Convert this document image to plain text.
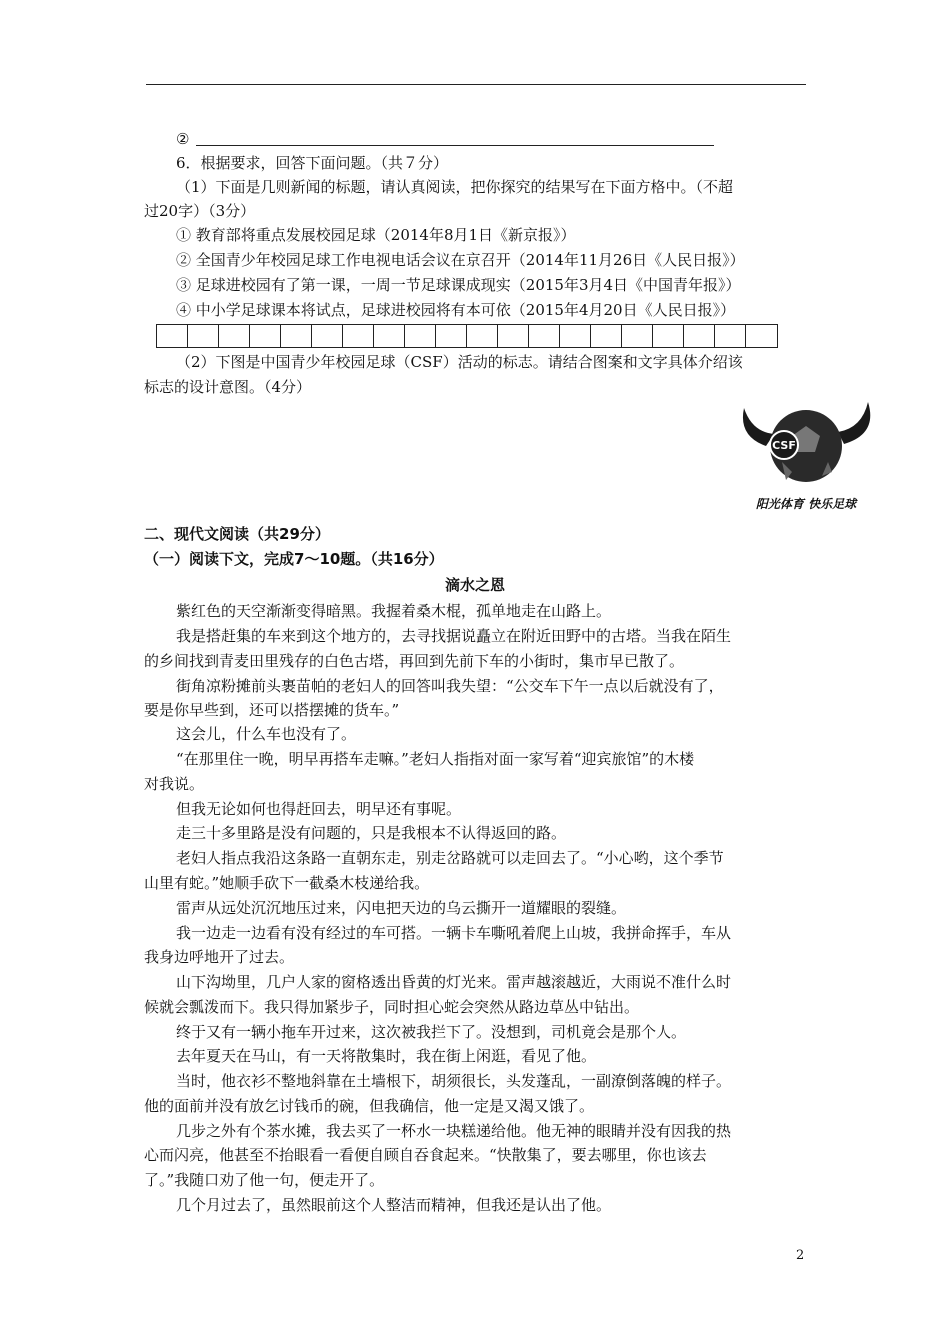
②
6．根据要求，回答下面问题。（共７分）
（1）下面是几则新闻的标题，请认真阅读，把你探究的结果写在下面方格中。（不超
过20字）（3分）
① 教育部将重点发展校园足球（2014年8月1日《新京报》）
② 全国青少年校园足球工作电视电话会议在京召开（2014年11月26日《人民日报》）
③ 足球进校园有了第一课，一周一节足球课成现实（2015年3月4日《中国青年报》）
④ 中小学足球课本将试点，足球进校园将有本可依（2015年4月20日《人民日报》）
（2）下图是中国青少年校园足球（CSF）活动的标志。请结合图案和文字具体介绍该
标志的设计意图。（4分）
CSF
阳光体育 快乐足球
二、现代文阅读（共29分）
（一）阅读下文，完成7～10题。（共16分）
滴水之恩
紫红色的天空渐渐变得暗黑。我握着桑木棍，孤单地走在山路上。
我是搭赶集的车来到这个地方的，去寻找据说矗立在附近田野中的古塔。当我在陌生
的乡间找到青麦田里残存的白色古塔，再回到先前下车的小街时，集市早已散了。
街角凉粉摊前头裹苗帕的老妇人的回答叫我失望：“公交车下午一点以后就没有了，
要是你早些到，还可以搭摆摊的货车。”
这会儿，什么车也没有了。
“在那里住一晚，明早再搭车走嘛。”老妇人指指对面一家写着“迎宾旅馆”的木楼
对我说。
但我无论如何也得赶回去，明早还有事呢。
走三十多里路是没有问题的，只是我根本不认得返回的路。
老妇人指点我沿这条路一直朝东走，别走岔路就可以走回去了。“小心哟，这个季节
山里有蛇。”她顺手砍下一截桑木枝递给我。
雷声从远处沉沉地压过来，闪电把天边的乌云撕开一道耀眼的裂缝。
我一边走一边看有没有经过的车可搭。一辆卡车嘶吼着爬上山坡，我拼命挥手，车从
我身边呼地开了过去。
山下沟坳里，几户人家的窗格透出昏黄的灯光来。雷声越滚越近，大雨说不准什么时
候就会瓢泼而下。我只得加紧步子，同时担心蛇会突然从路边草丛中钻出。
终于又有一辆小拖车开过来，这次被我拦下了。没想到，司机竟会是那个人。
去年夏天在马山，有一天将散集时，我在街上闲逛，看见了他。
当时，他衣衫不整地斜靠在土墙根下，胡须很长，头发蓬乱，一副潦倒落魄的样子。
他的面前并没有放乞讨钱币的碗，但我确信，他一定是又渴又饿了。
几步之外有个茶水摊，我去买了一杯水一块糕递给他。他无神的眼睛并没有因我的热
心而闪亮，他甚至不抬眼看一看便自顾自吞食起来。“快散集了，要去哪里，你也该去
了。”我随口劝了他一句，便走开了。
几个月过去了，虽然眼前这个人整洁而精神，但我还是认出了他。
2
